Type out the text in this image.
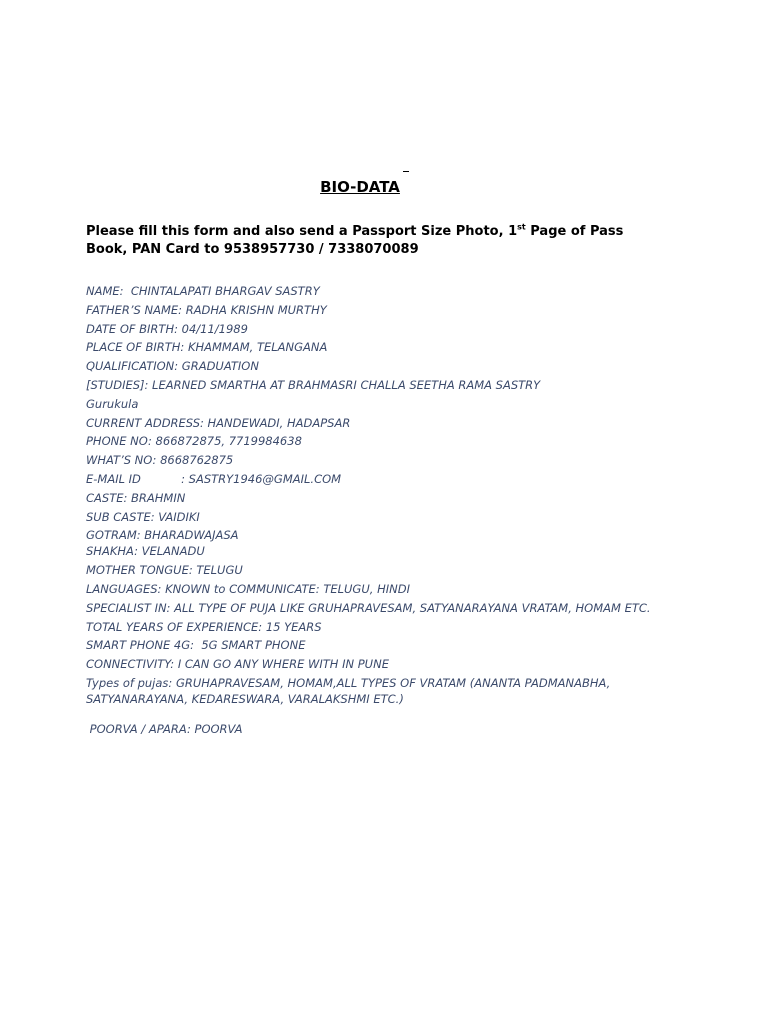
BIO-DATA
Please fill this form and also send a Passport Size Photo, 1st Page of Pass Book, PAN Card to 9538957730 / 7338070089

NAME:  CHINTALAPATI BHARGAV SASTRY

FATHER’S NAME: RADHA KRISHN MURTHY

DATE OF BIRTH: 04/11/1989

PLACE OF BIRTH: KHAMMAM, TELANGANA

QUALIFICATION: GRADUATION

[STUDIES]: LEARNED SMARTHA AT BRAHMASRI CHALLA SEETHA RAMA SASTRY

Gurukula

CURRENT ADDRESS: HANDEWADI, HADAPSAR

PHONE NO: 866872875, 7719984638

WHAT’S NO: 8668762875

E-MAIL ID           : SASTRY1946@GMAIL.COM

CASTE: BRAHMIN

SUB CASTE: VAIDIKI

GOTRAM: BHARADWAJASA

SHAKHA: VELANADU

MOTHER TONGUE: TELUGU

LANGUAGES: KNOWN to COMMUNICATE: TELUGU, HINDI

SPECIALIST IN: ALL TYPE OF PUJA LIKE GRUHAPRAVESAM, SATYANARAYANA VRATAM, HOMAM ETC.

TOTAL YEARS OF EXPERIENCE: 15 YEARS

SMART PHONE 4G:  5G SMART PHONE

CONNECTIVITY: I CAN GO ANY WHERE WITH IN PUNE

Types of pujas: GRUHAPRAVESAM, HOMAM,ALL TYPES OF VRATAM (ANANTA PADMANABHA, SATYANARAYANA, KEDARESWARA, VARALAKSHMI ETC.)

POORVA / APARA: POORVA
